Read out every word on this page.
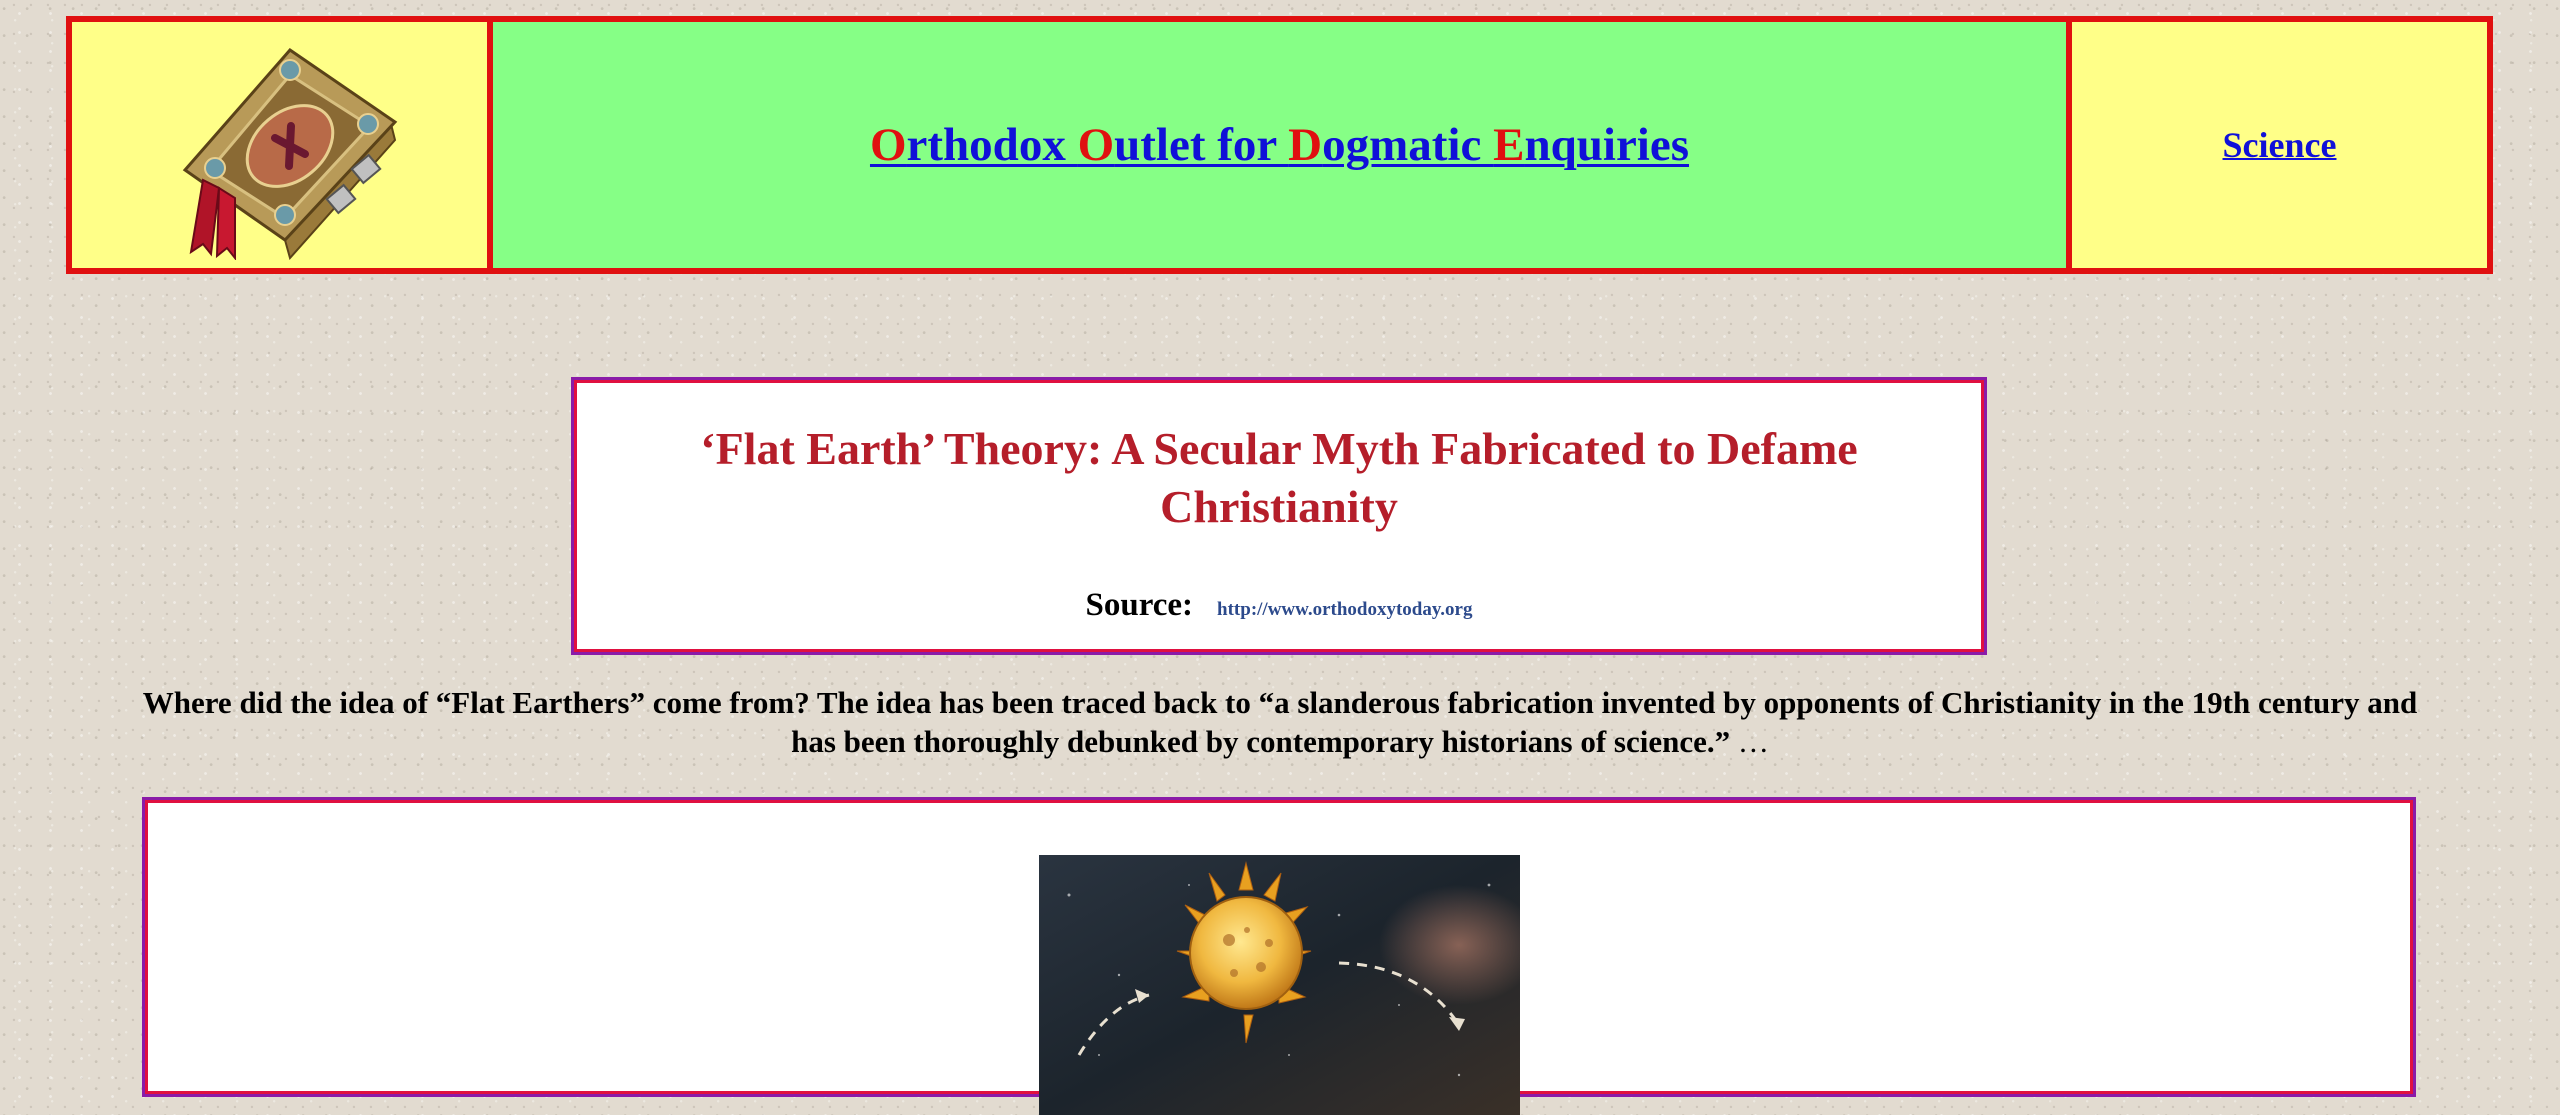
Orthodox Outlet for Dogmatic Enquiries	Science
‘Flat Earth’ Theory: A Secular Myth Fabricated to Defame Christianity
Source: http://www.orthodoxytoday.org

Where did the idea of “Flat Earthers” come from? The idea has been traced back to “a slanderous fabrication invented by opponents of Christianity in the 19th century and has been thoroughly debunked by contemporary historians of science.” …
